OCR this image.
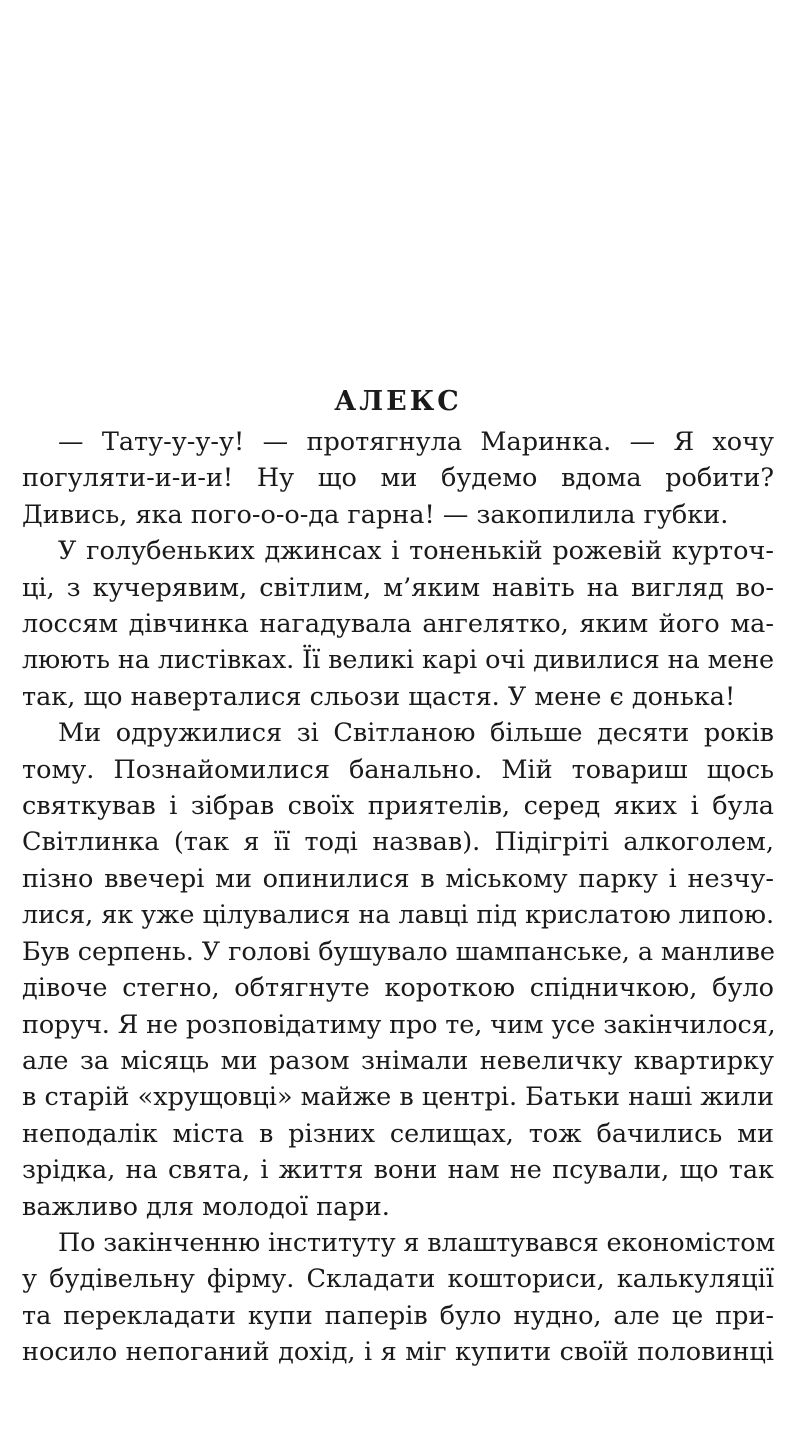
АЛЕКС

— Тату-у-у-у! — протягнула Маринка. — Я хочу
погуляти-и-и-и! Ну що ми будемо вдома робити?
Дивись, яка пого-о-о-да гарна! — закопилила губки.

У голубеньких джинсах і тоненькій рожевій курточ-
ці, з кучерявим, світлим, м’яким навіть на вигляд во-
лоссям дівчинка нагадувала ангелятко, яким його ма-
люють на листівках. Її великі карі очі дивилися на мене
так, що наверталися сльози щастя. У мене є донька!

Ми одружилися зі Світланою більше десяти років
тому. Познайомилися банально. Мій товариш щось
святкував і зібрав своїх приятелів, серед яких і була
Світлинка (так я її тоді назвав). Підігріті алкоголем,
пізно ввечері ми опинилися в міському парку і незчу-
лися, як уже цілувалися на лавці під крислатою липою.
Був серпень. У голові бушувало шампанське, а манливе
дівоче стегно, обтягнуте короткою спідничкою, було
поруч. Я не розповідатиму про те, чим усе закінчилося,
але за місяць ми разом знімали невеличку квартирку
в старій «хрущовці» майже в центрі. Батьки наші жили
неподалік міста в різних селищах, тож бачились ми
зрідка, на свята, і життя вони нам не псували, що так
важливо для молодої пари.

По закінченню інституту я влаштувався економістом
у будівельну фірму. Складати кошториси, калькуляції
та перекладати купи паперів було нудно, але це при-
носило непоганий дохід, і я міг купити своїй половинці
